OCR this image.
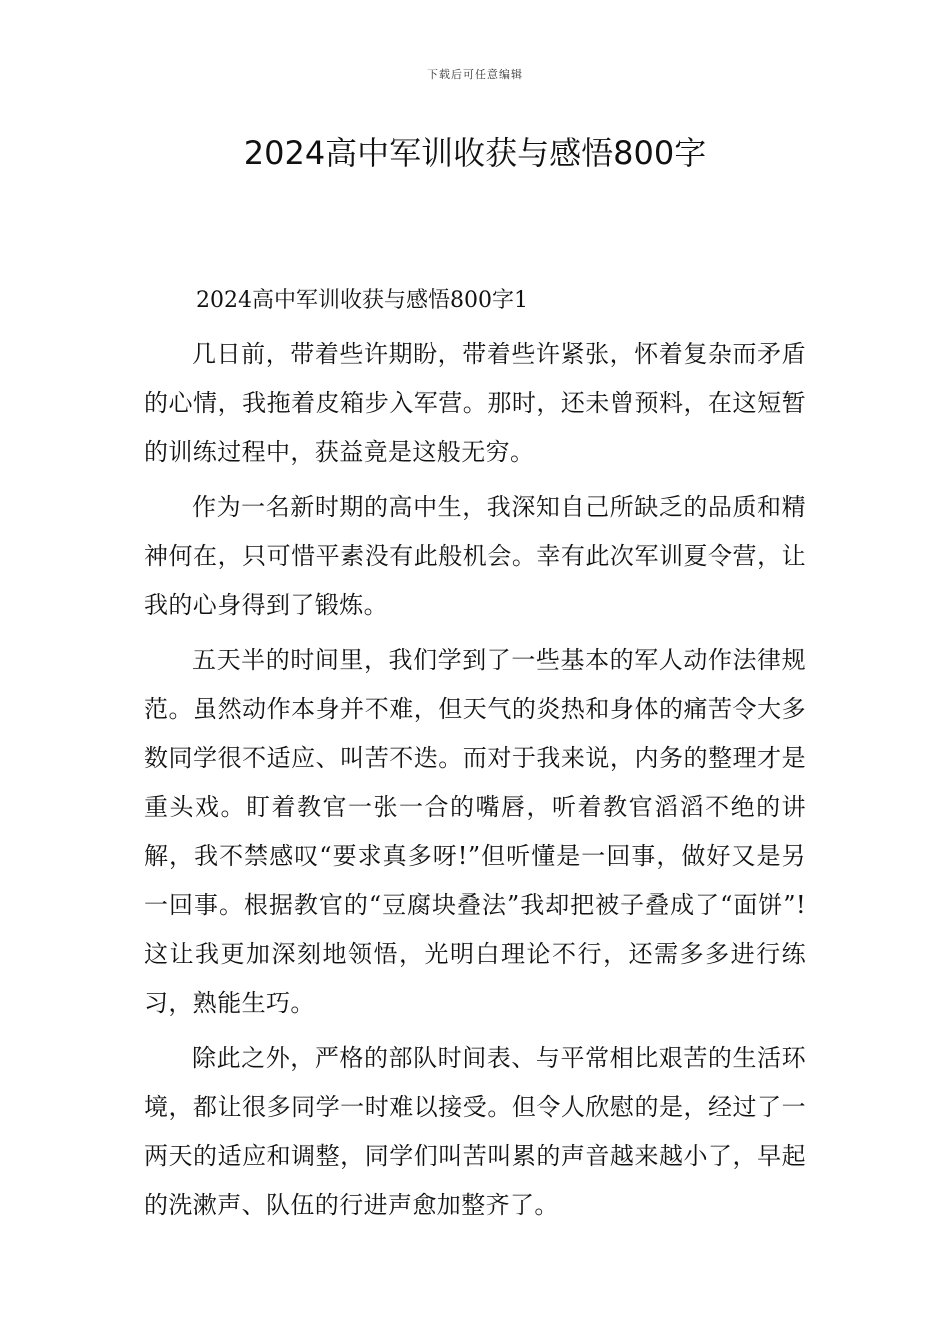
下载后可任意编辑
2024高中军训收获与感悟800字

2024高中军训收获与感悟800字1

几日前，带着些许期盼，带着些许紧张，怀着复杂而矛盾的心情，我拖着皮箱步入军营。那时，还未曾预料，在这短暂的训练过程中，获益竟是这般无穷。

作为一名新时期的高中生，我深知自己所缺乏的品质和精神何在，只可惜平素没有此般机会。幸有此次军训夏令营，让我的心身得到了锻炼。

五天半的时间里，我们学到了一些基本的军人动作法律规范。虽然动作本身并不难，但天气的炎热和身体的痛苦令大多数同学很不适应、叫苦不迭。而对于我来说，内务的整理才是重头戏。盯着教官一张一合的嘴唇，听着教官滔滔不绝的讲解，我不禁感叹“要求真多呀!”但听懂是一回事，做好又是另一回事。根据教官的“豆腐块叠法”我却把被子叠成了“面饼”!这让我更加深刻地领悟，光明白理论不行，还需多多进行练习，熟能生巧。

除此之外，严格的部队时间表、与平常相比艰苦的生活环境，都让很多同学一时难以接受。但令人欣慰的是，经过了一两天的适应和调整，同学们叫苦叫累的声音越来越小了，早起的洗漱声、队伍的行进声愈加整齐了。
